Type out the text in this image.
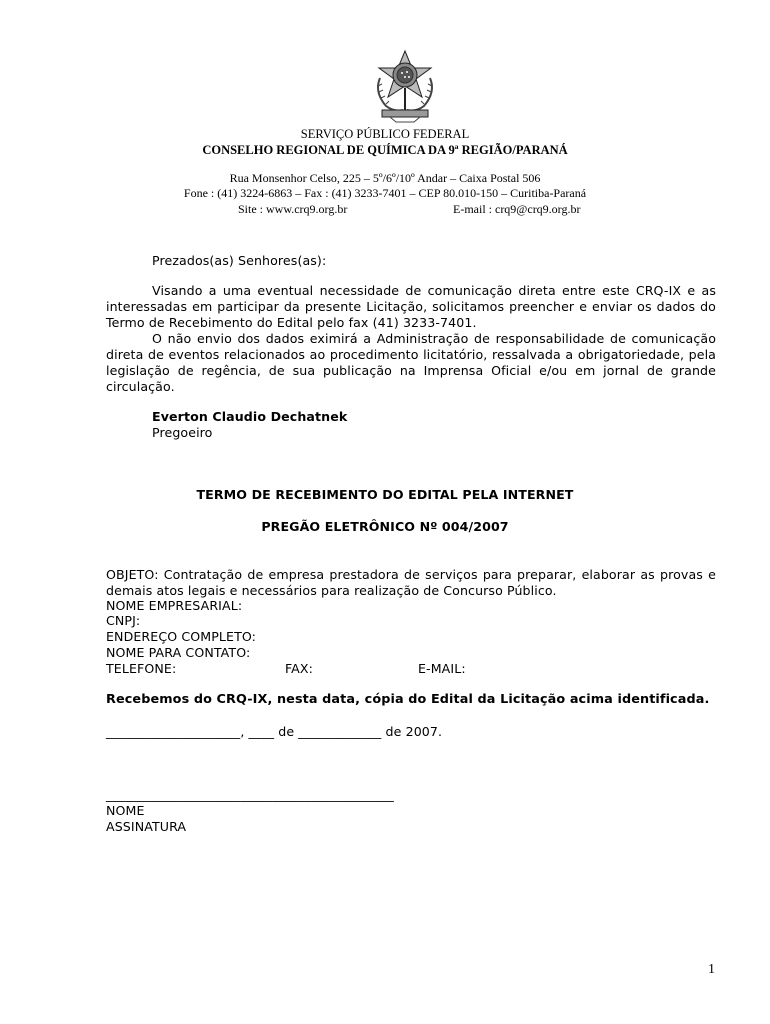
SERVIÇO PÚBLICO FEDERAL
CONSELHO REGIONAL DE QUÍMICA DA 9ª REGIÃO/PARANÁ
Rua Monsenhor Celso, 225 – 5º/6º/10º Andar – Caixa Postal 506
Fone : (41) 3224-6863 – Fax : (41) 3233-7401 – CEP 80.010-150 – Curitiba-Paraná
Site : www.crq9.org.br	E-mail : crq9@crq9.org.br
Prezados(as) Senhores(as):
Visando a uma eventual necessidade de comunicação direta entre este CRQ-IX e as interessadas em participar da presente Licitação, solicitamos preencher e enviar os dados do Termo de Recebimento do Edital pelo fax (41) 3233-7401.
O não envio dos dados eximirá a Administração de responsabilidade de comunicação direta de eventos relacionados ao procedimento licitatório, ressalvada a obrigatoriedade, pela legislação de regência, de sua publicação na Imprensa Oficial e/ou em jornal de grande circulação.
Everton Claudio Dechatnek
Pregoeiro
TERMO DE RECEBIMENTO DO EDITAL PELA INTERNET
PREGÃO ELETRÔNICO Nº 004/2007
OBJETO: Contratação de empresa prestadora de serviços para preparar, elaborar as provas e demais atos legais e necessários para realização de Concurso Público.
NOME EMPRESARIAL:
CNPJ:
ENDEREÇO COMPLETO:
NOME PARA CONTATO:
TELEFONE:	FAX:	E-MAIL:
Recebemos do CRQ-IX, nesta data, cópia do Edital da Licitação acima identificada.
_____________________, ____ de _____________ de 2007.
_____________________________________________
NOME
ASSINATURA
1
